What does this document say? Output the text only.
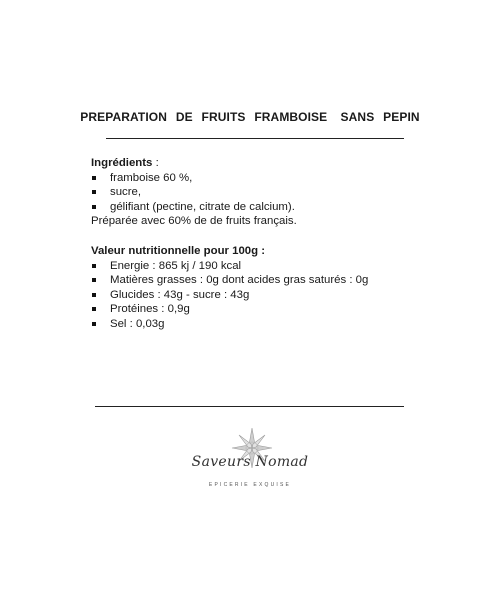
PREPARATION  DE  FRUITS  FRAMBOISE   SANS  PEPIN

Ingrédients :

framboise 60 %,
sucre,
gélifiant (pectine, citrate de calcium).

Préparée avec 60% de de fruits français.

Valeur nutritionnelle pour 100g :

Energie : 865 kj / 190 kcal
Matières grasses : 0g dont acides gras saturés : 0g
Glucides : 43g - sucre : 43g
Protéines : 0,9g
Sel : 0,03g
Saveurs Nomad
EPICERIE EXQUISE
